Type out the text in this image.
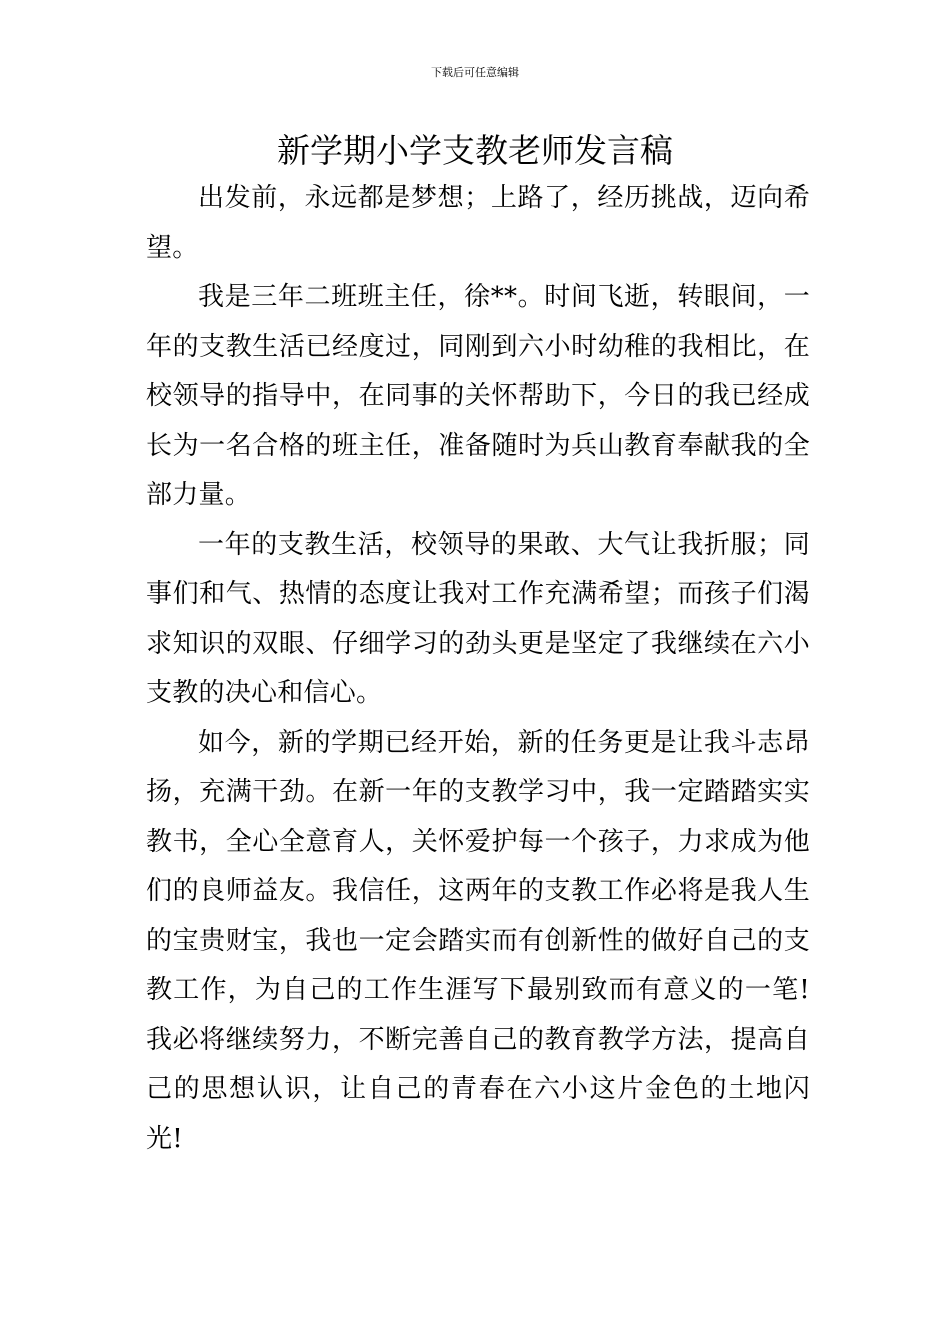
下载后可任意编辑
新学期小学支教老师发言稿

出发前，永远都是梦想；上路了，经历挑战，迈向希望。

我是三年二班班主任，徐**。时间飞逝，转眼间，一年的支教生活已经度过，同刚到六小时幼稚的我相比，在校领导的指导中，在同事的关怀帮助下，今日的我已经成长为一名合格的班主任，准备随时为兵山教育奉献我的全部力量。

一年的支教生活，校领导的果敢、大气让我折服；同事们和气、热情的态度让我对工作充满希望；而孩子们渴求知识的双眼、仔细学习的劲头更是坚定了我继续在六小支教的决心和信心。

如今，新的学期已经开始，新的任务更是让我斗志昂扬，充满干劲。在新一年的支教学习中，我一定踏踏实实教书，全心全意育人，关怀爱护每一个孩子，力求成为他们的良师益友。我信任，这两年的支教工作必将是我人生的宝贵财宝，我也一定会踏实而有创新性的做好自己的支教工作，为自己的工作生涯写下最别致而有意义的一笔!我必将继续努力，不断完善自己的教育教学方法，提高自己的思想认识，让自己的青春在六小这片金色的土地闪光!
